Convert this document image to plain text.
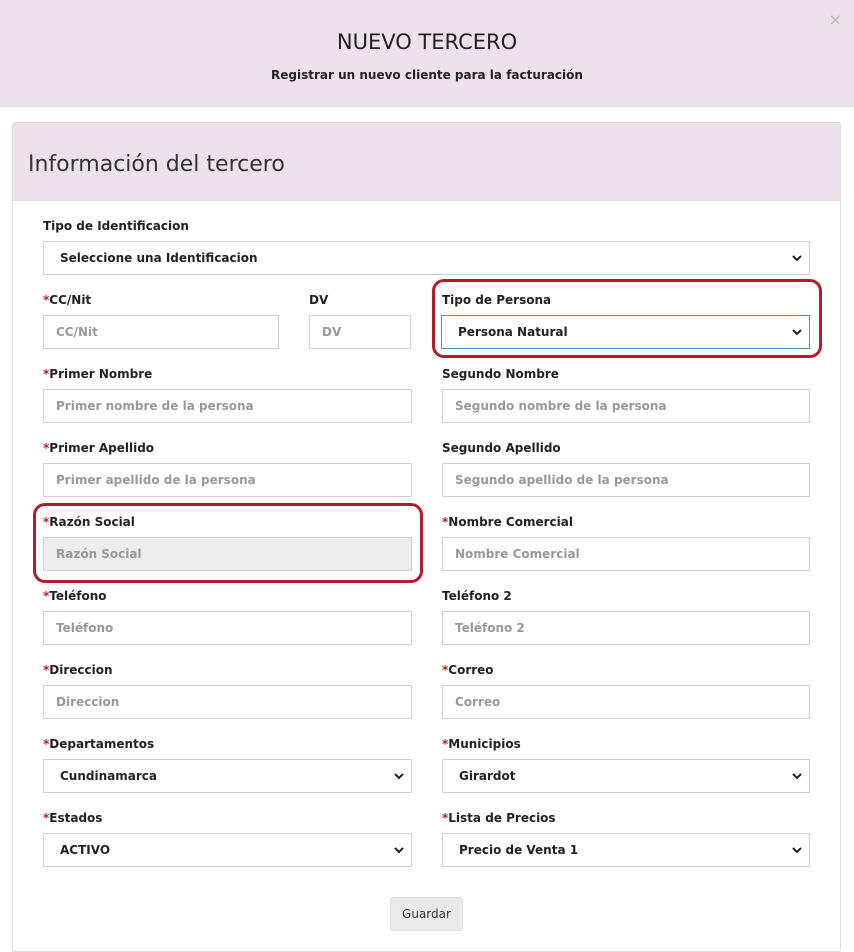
NUEVO TERCERO
Registrar un nuevo cliente para la facturación
×
Información del tercero
Tipo de Identificacion
Seleccione una Identificacion
*CC/Nit
CC/Nit
DV
DV
Tipo de Persona
Persona Natural
*Primer Nombre
Primer nombre de la persona
Segundo Nombre
Segundo nombre de la persona
*Primer Apellido
Primer apellido de la persona
Segundo Apellido
Segundo apellido de la persona
*Razón Social
Razón Social
*Nombre Comercial
Nombre Comercial
*Teléfono
Teléfono
Teléfono 2
Teléfono 2
*Direccion
Direccion
*Correo
Correo
*Departamentos
Cundinamarca
*Municipios
Girardot
*Estados
ACTIVO
*Lista de Precios
Precio de Venta 1
Guardar
